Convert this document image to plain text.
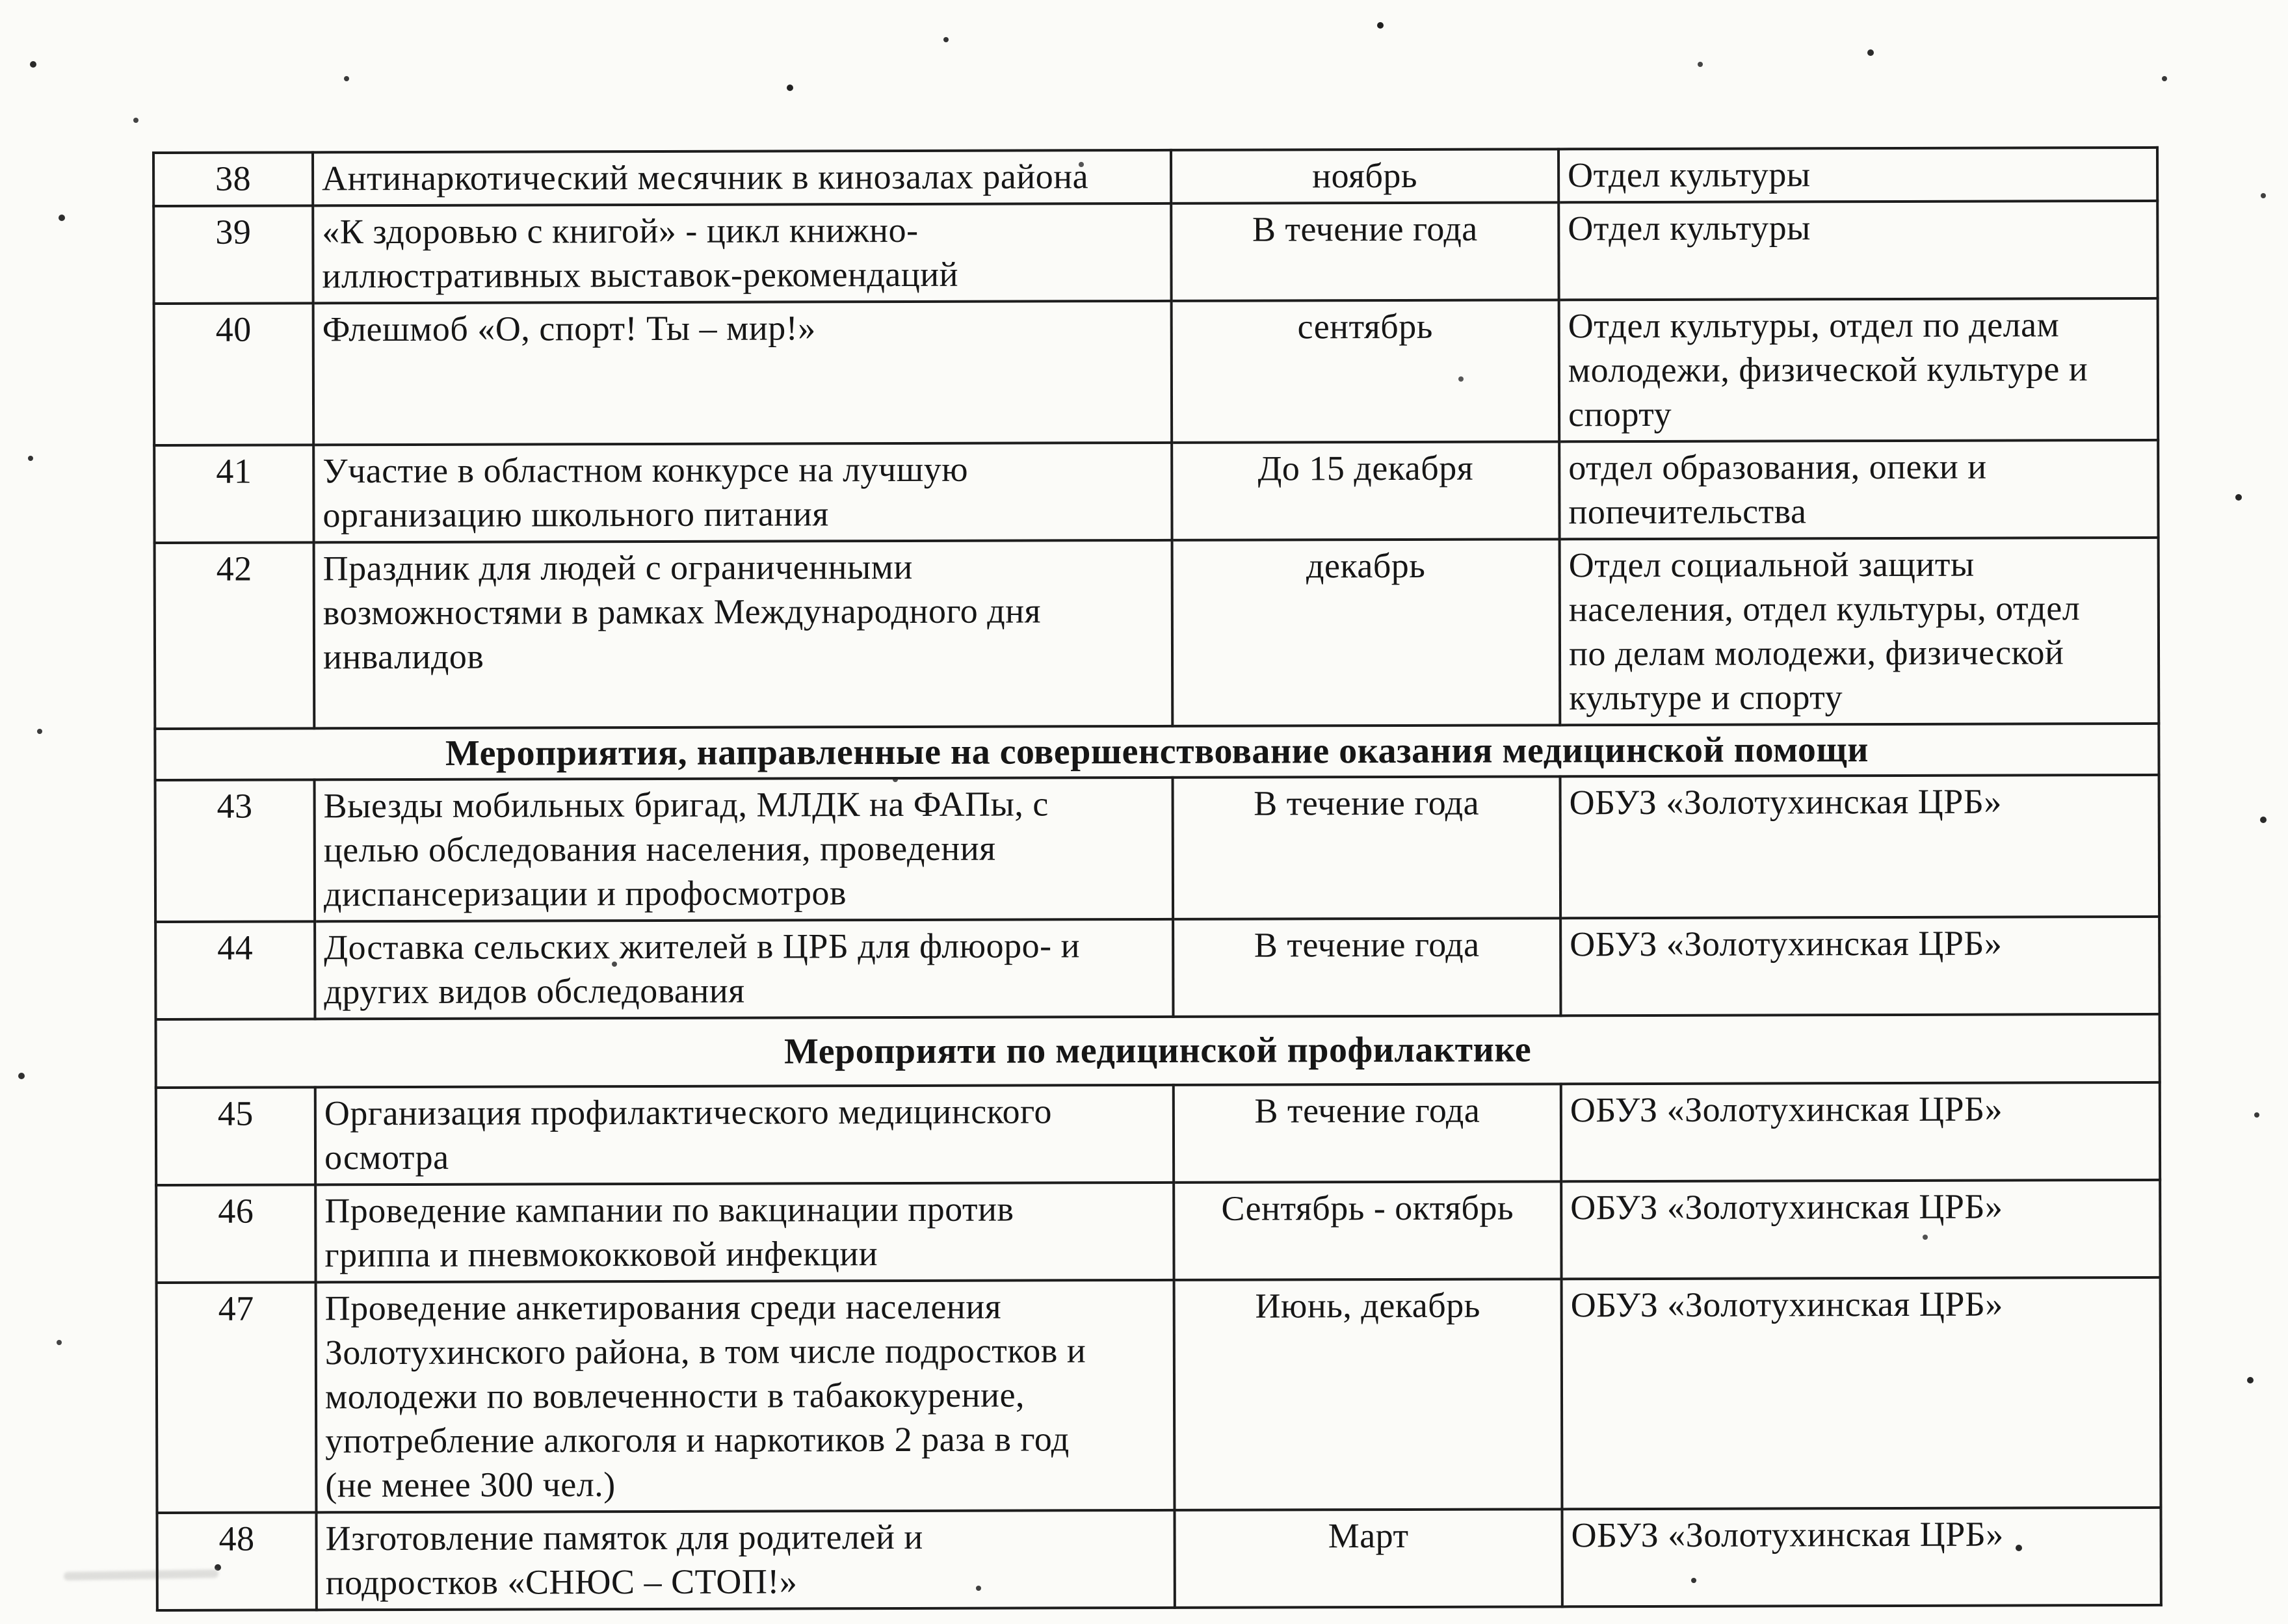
38	Антинаркотический месячник в кинозалах района	ноябрь	Отдел культуры
39	«К здоровью с книгой» - цикл книжно-
иллюстративных выставок-рекомендаций	В течение года	Отдел культуры
40	Флешмоб «О, спорт! Ты – мир!»	сентябрь	Отдел культуры, отдел по делам
молодежи, физической культуре и
спорту
41	Участие в областном конкурсе на лучшую
организацию школьного питания	До 15 декабря	отдел образования, опеки и
попечительства
42	Праздник для людей с ограниченными
возможностями в рамках Международного дня
инвалидов	декабрь	Отдел социальной защиты
населения, отдел культуры, отдел
по делам молодежи, физической
культуре и спорту
Мероприятия, направленные на совершенствование оказания медицинской помощи			
43	Выезды мобильных бригад, МЛДК на ФАПы, с
целью обследования населения, проведения
диспансеризации и профосмотров	В течение года	ОБУЗ «Золотухинская ЦРБ»
44	Доставка сельских жителей в ЦРБ для флюоро- и
других видов обследования	В течение года	ОБУЗ «Золотухинская ЦРБ»
Мероприяти по медицинской профилактике			
45	Организация профилактического медицинского
осмотра	В течение года	ОБУЗ «Золотухинская ЦРБ»
46	Проведение кампании по вакцинации против
гриппа и пневмококковой инфекции	Сентябрь - октябрь	ОБУЗ «Золотухинская ЦРБ»
47	Проведение анкетирования среди населения
Золотухинского района, в том числе подростков и
молодежи по вовлеченности в табакокурение,
употребление алкоголя и наркотиков 2 раза в год
(не менее 300 чел.)	Июнь, декабрь	ОБУЗ «Золотухинская ЦРБ»
48	Изготовление памяток для родителей и
подростков «СНЮС – СТОП!»	Март	ОБУЗ «Золотухинская ЦРБ»
